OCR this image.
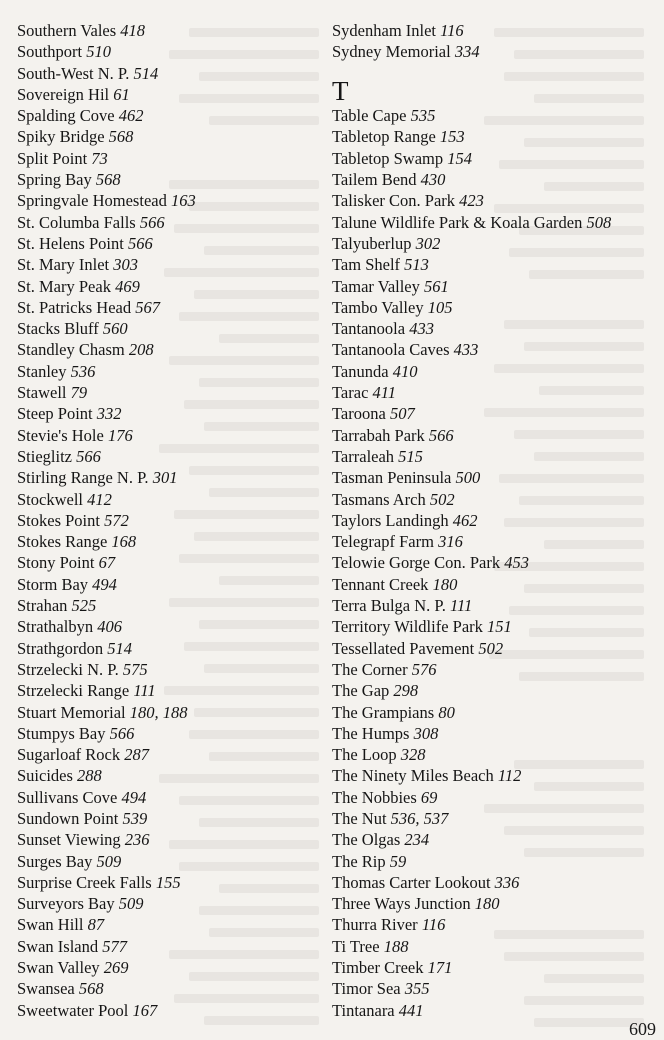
Southern Vales 418
Southport 510
South-West N. P. 514
Sovereign Hil 61
Spalding Cove 462
Spiky Bridge 568
Split Point 73
Spring Bay 568
Springvale Homestead 163
St. Columba Falls 566
St. Helens Point 566
St. Mary Inlet 303
St. Mary Peak 469
St. Patricks Head 567
Stacks Bluff 560
Standley Chasm 208
Stanley 536
Stawell 79
Steep Point 332
Stevie's Hole 176
Stieglitz 566
Stirling Range N. P. 301
Stockwell 412
Stokes Point 572
Stokes Range 168
Stony Point 67
Storm Bay 494
Strahan 525
Strathalbyn 406
Strathgordon 514
Strzelecki N. P. 575
Strzelecki Range 111
Stuart Memorial 180, 188
Stumpys Bay 566
Sugarloaf Rock 287
Suicides 288
Sullivans Cove 494
Sundown Point 539
Sunset Viewing 236
Surges Bay 509
Surprise Creek Falls 155
Surveyors Bay 509
Swan Hill 87
Swan Island 577
Swan Valley 269
Swansea 568
Sweetwater Pool 167
Sydenham Inlet 116
Sydney Memorial 334
T
Table Cape 535
Tabletop Range 153
Tabletop Swamp 154
Tailem Bend 430
Talisker Con. Park 423
Talune Wildlife Park & Koala Garden 508
Talyuberlup 302
Tam Shelf 513
Tamar Valley 561
Tambo Valley 105
Tantanoola 433
Tantanoola Caves 433
Tanunda 410
Tarac 411
Taroona 507
Tarrabah Park 566
Tarraleah 515
Tasman Peninsula 500
Tasmans Arch 502
Taylors Landingh 462
Telegrapf Farm 316
Telowie Gorge Con. Park 453
Tennant Creek 180
Terra Bulga N. P. 111
Territory Wildlife Park 151
Tessellated Pavement 502
The Corner 576
The Gap 298
The Grampians 80
The Humps 308
The Loop 328
The Ninety Miles Beach 112
The Nobbies 69
The Nut 536, 537
The Olgas 234
The Rip 59
Thomas Carter Lookout 336
Three Ways Junction 180
Thurra River 116
Ti Tree 188
Timber Creek 171
Timor Sea 355
Tintanara 441
609
